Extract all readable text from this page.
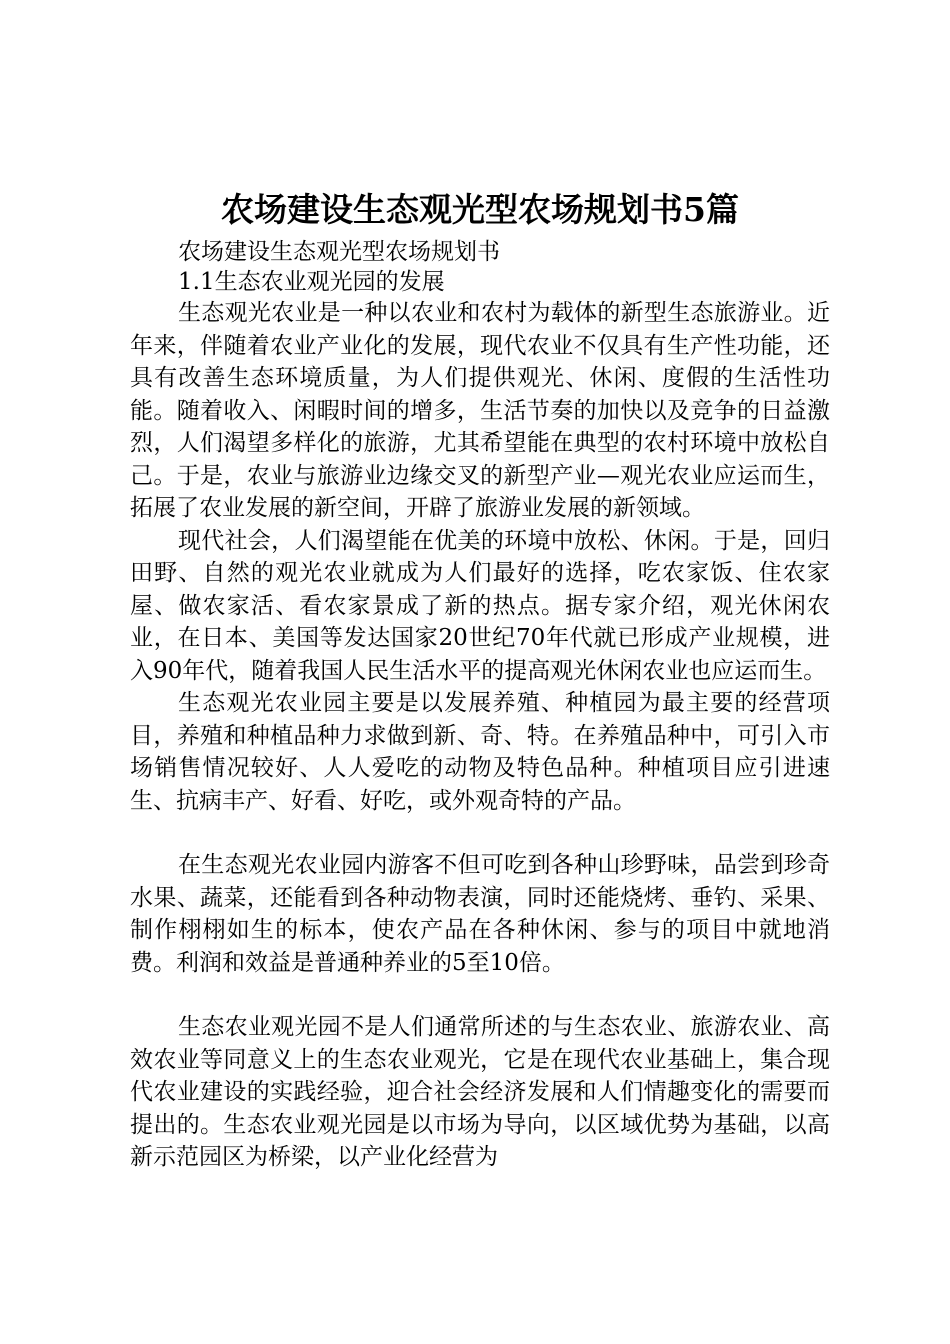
农场建设生态观光型农场规划书5篇

农场建设生态观光型农场规划书

1.1生态农业观光园的发展

生态观光农业是一种以农业和农村为载体的新型生态旅游业。近年来，伴随着农业产业化的发展，现代农业不仅具有生产性功能，还具有改善生态环境质量，为人们提供观光、休闲、度假的生活性功能。随着收入、闲暇时间的增多，生活节奏的加快以及竞争的日益激烈，人们渴望多样化的旅游，尤其希望能在典型的农村环境中放松自己。于是，农业与旅游业边缘交叉的新型产业—观光农业应运而生，拓展了农业发展的新空间，开辟了旅游业发展的新领域。

现代社会，人们渴望能在优美的环境中放松、休闲。于是，回归田野、自然的观光农业就成为人们最好的选择，吃农家饭、住农家屋、做农家活、看农家景成了新的热点。据专家介绍，观光休闲农业，在日本、美国等发达国家20世纪70年代就已形成产业规模，进入90年代，随着我国人民生活水平的提高观光休闲农业也应运而生。

生态观光农业园主要是以发展养殖、种植园为最主要的经营项目，养殖和种植品种力求做到新、奇、特。在养殖品种中，可引入市场销售情况较好、人人爱吃的动物及特色品种。种植项目应引进速生、抗病丰产、好看、好吃，或外观奇特的产品。

在生态观光农业园内游客不但可吃到各种山珍野味，品尝到珍奇水果、蔬菜，还能看到各种动物表演，同时还能烧烤、垂钓、采果、制作栩栩如生的标本，使农产品在各种休闲、参与的项目中就地消费。利润和效益是普通种养业的5至10倍。

生态农业观光园不是人们通常所述的与生态农业、旅游农业、高效农业等同意义上的生态农业观光，它是在现代农业基础上，集合现代农业建设的实践经验，迎合社会经济发展和人们情趣变化的需要而提出的。生态农业观光园是以市场为导向，以区域优势为基础，以高新示范园区为桥梁，以产业化经营为
